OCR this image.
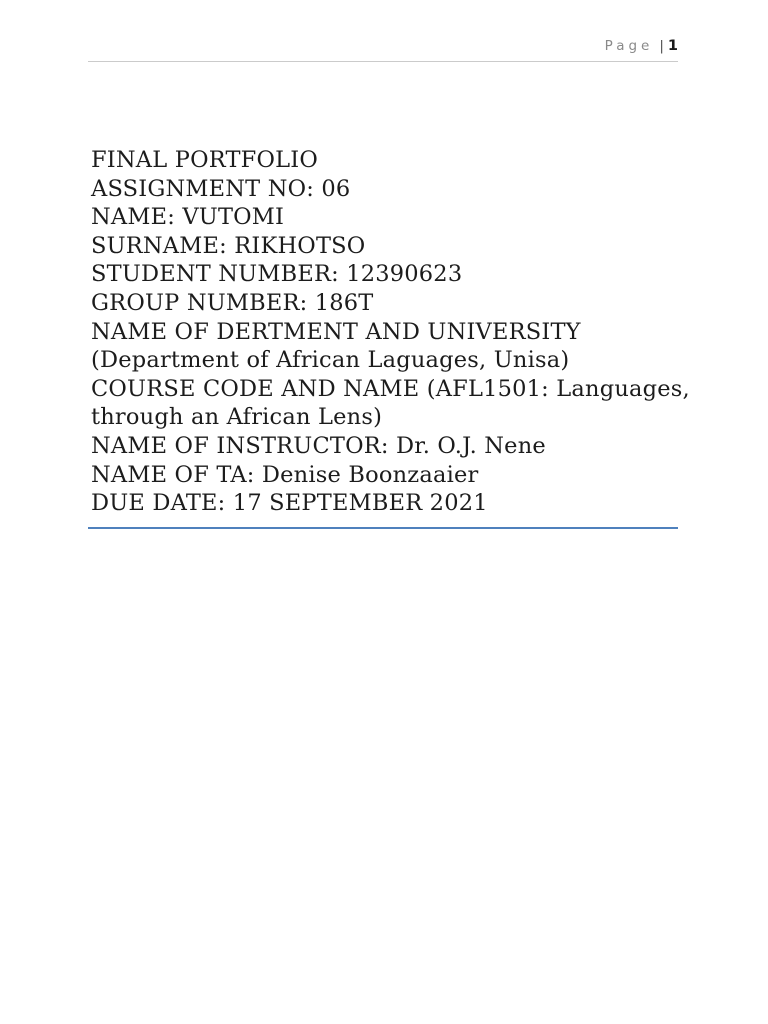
Page | 1
FINAL PORTFOLIO
ASSIGNMENT NO: 06
NAME: VUTOMI
SURNAME: RIKHOTSO
STUDENT NUMBER: 12390623
GROUP NUMBER: 186T
NAME OF DERTMENT AND UNIVERSITY
(Department of African Laguages, Unisa)
COURSE CODE AND NAME (AFL1501: Languages,
through an African Lens)
NAME OF INSTRUCTOR: Dr. O.J. Nene
NAME OF TA: Denise Boonzaaier
DUE DATE: 17 SEPTEMBER 2021
